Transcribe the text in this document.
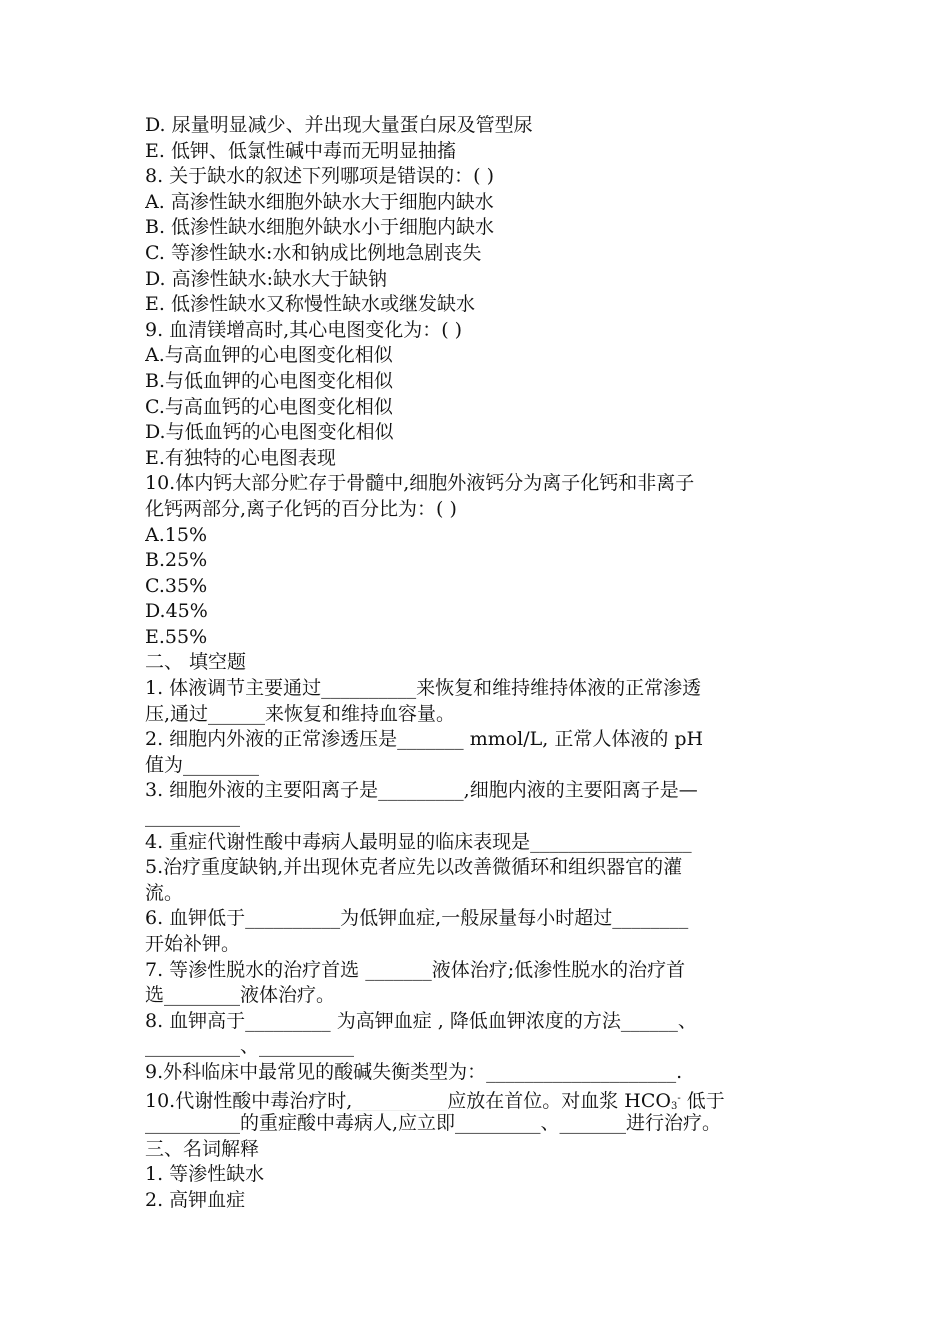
D. 尿量明显减少、并出现大量蛋白尿及管型尿
E. 低钾、低氯性碱中毒而无明显抽搐
8. 关于缺水的叙述下列哪项是错误的：( )
A. 高渗性缺水细胞外缺水大于细胞内缺水
B. 低渗性缺水细胞外缺水小于细胞内缺水
C. 等渗性缺水:水和钠成比例地急剧丧失
D. 高渗性缺水:缺水大于缺钠
E. 低渗性缺水又称慢性缺水或继发缺水
9. 血清镁增高时,其心电图变化为：( )
A.与高血钾的心电图变化相似
B.与低血钾的心电图变化相似
C.与高血钙的心电图变化相似
D.与低血钙的心电图变化相似
E.有独特的心电图表现
10.体内钙大部分贮存于骨髓中,细胞外液钙分为离子化钙和非离子
化钙两部分,离子化钙的百分比为：( )
A.15%
B.25%
C.35%
D.45%
E.55%
二、 填空题
1. 体液调节主要通过__________来恢复和维持维持体液的正常渗透
压,通过______来恢复和维持血容量。
2. 细胞内外液的正常渗透压是_______ mmol/L, 正常人体液的 pH
值为________
3. 细胞外液的主要阳离子是_________,细胞内液的主要阳离子是—
__________
4. 重症代谢性酸中毒病人最明显的临床表现是_________________
5.治疗重度缺钠,并出现休克者应先以改善微循环和组织器官的灌
流。
6. 血钾低于__________为低钾血症,一般尿量每小时超过________
开始补钾。
7. 等渗性脱水的治疗首选 _______液体治疗;低渗性脱水的治疗首
选________液体治疗。
8. 血钾高于_________ 为高钾血症 , 降低血钾浓度的方法______、
__________、__________
9.外科临床中最常见的酸碱失衡类型为：____________________.
10.代谢性酸中毒治疗时,__________应放在首位。对血浆 $HCO_3^-$ 低于
__________的重症酸中毒病人,应立即_________、_______进行治疗。
三、名词解释
1. 等渗性缺水
2. 高钾血症
